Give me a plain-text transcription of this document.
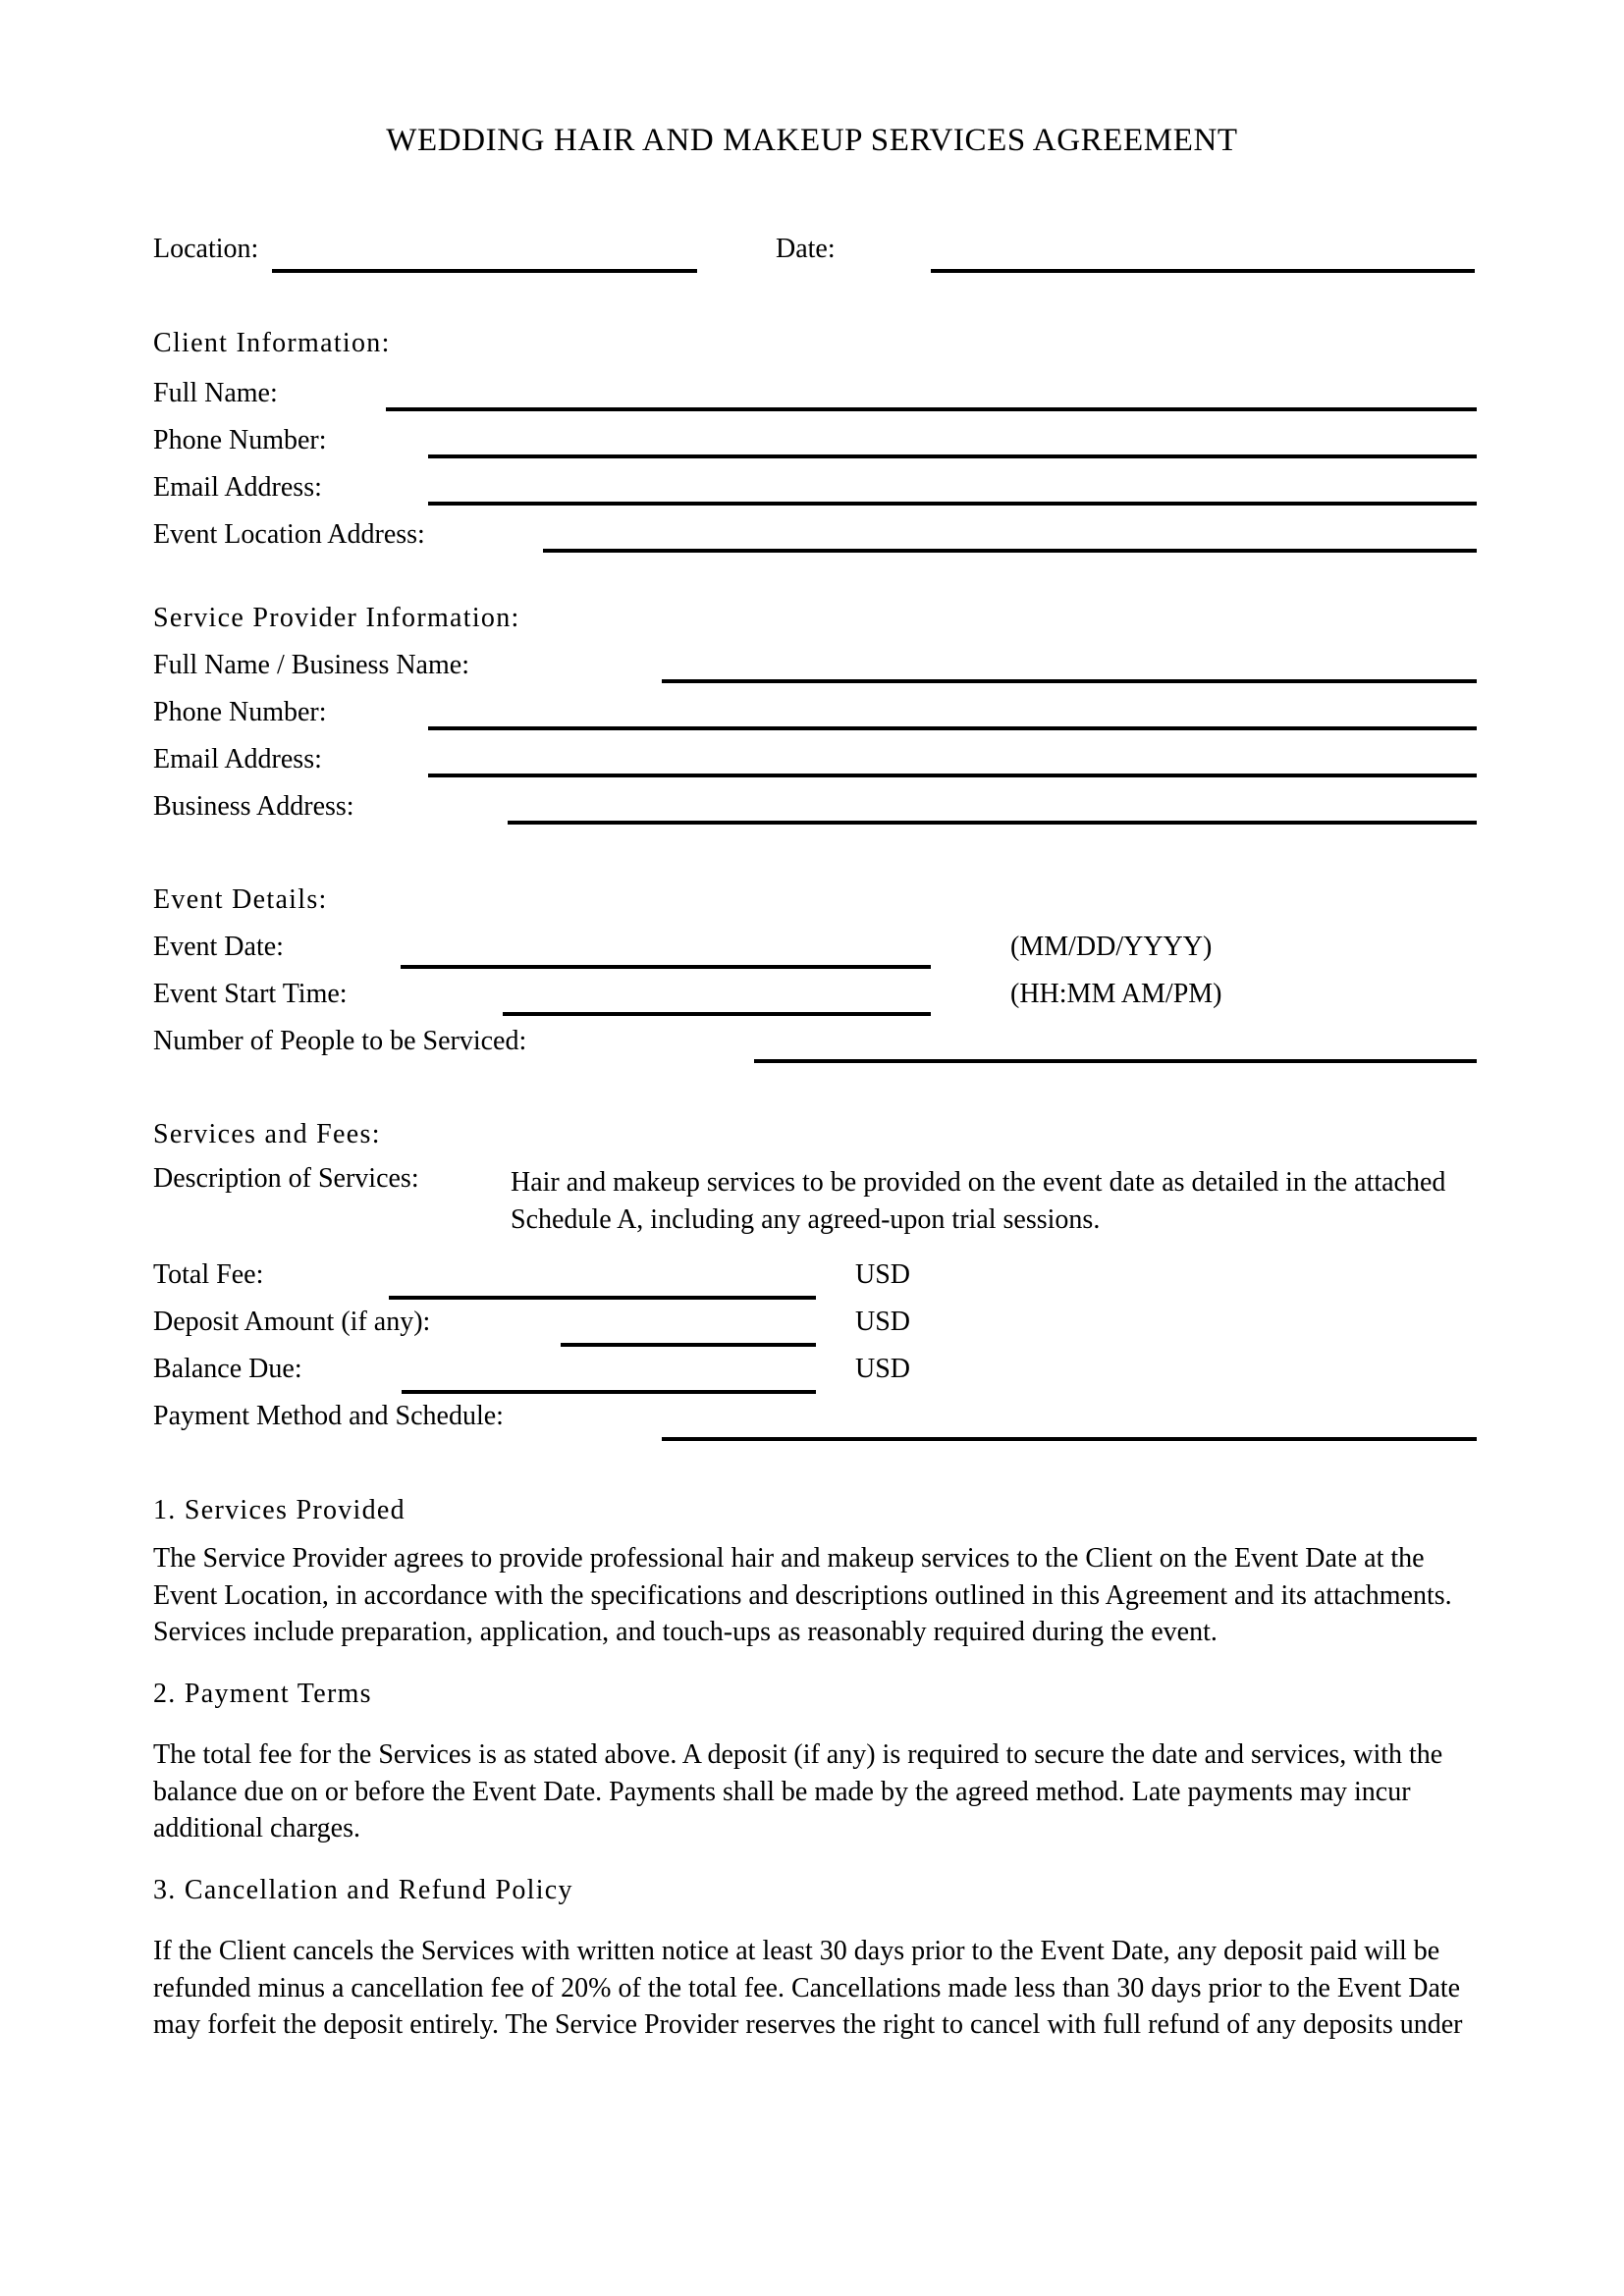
WEDDING HAIR AND MAKEUP SERVICES AGREEMENT
Location:	Date:
Client Information:
Full Name:
Phone Number:
Email Address:
Event Location Address:
Service Provider Information:
Full Name / Business Name:
Phone Number:
Email Address:
Business Address:
Event Details:
Event Date:	(MM/DD/YYYY)
Event Start Time:	(HH:MM AM/PM)
Number of People to be Serviced:
Services and Fees:
Description of Services:	Hair and makeup services to be provided on the event date as detailed in the attached Schedule A, including any agreed-upon trial sessions.
Total Fee:	USD
Deposit Amount (if any):	USD
Balance Due:	USD
Payment Method and Schedule:
1. Services Provided
The Service Provider agrees to provide professional hair and makeup services to the Client on the Event Date at the Event Location, in accordance with the specifications and descriptions outlined in this Agreement and its attachments. Services include preparation, application, and touch-ups as reasonably required during the event.
2. Payment Terms
The total fee for the Services is as stated above. A deposit (if any) is required to secure the date and services, with the balance due on or before the Event Date. Payments shall be made by the agreed method. Late payments may incur additional charges.
3. Cancellation and Refund Policy
If the Client cancels the Services with written notice at least 30 days prior to the Event Date, any deposit paid will be refunded minus a cancellation fee of 20% of the total fee. Cancellations made less than 30 days prior to the Event Date may forfeit the deposit entirely. The Service Provider reserves the right to cancel with full refund of any deposits under
